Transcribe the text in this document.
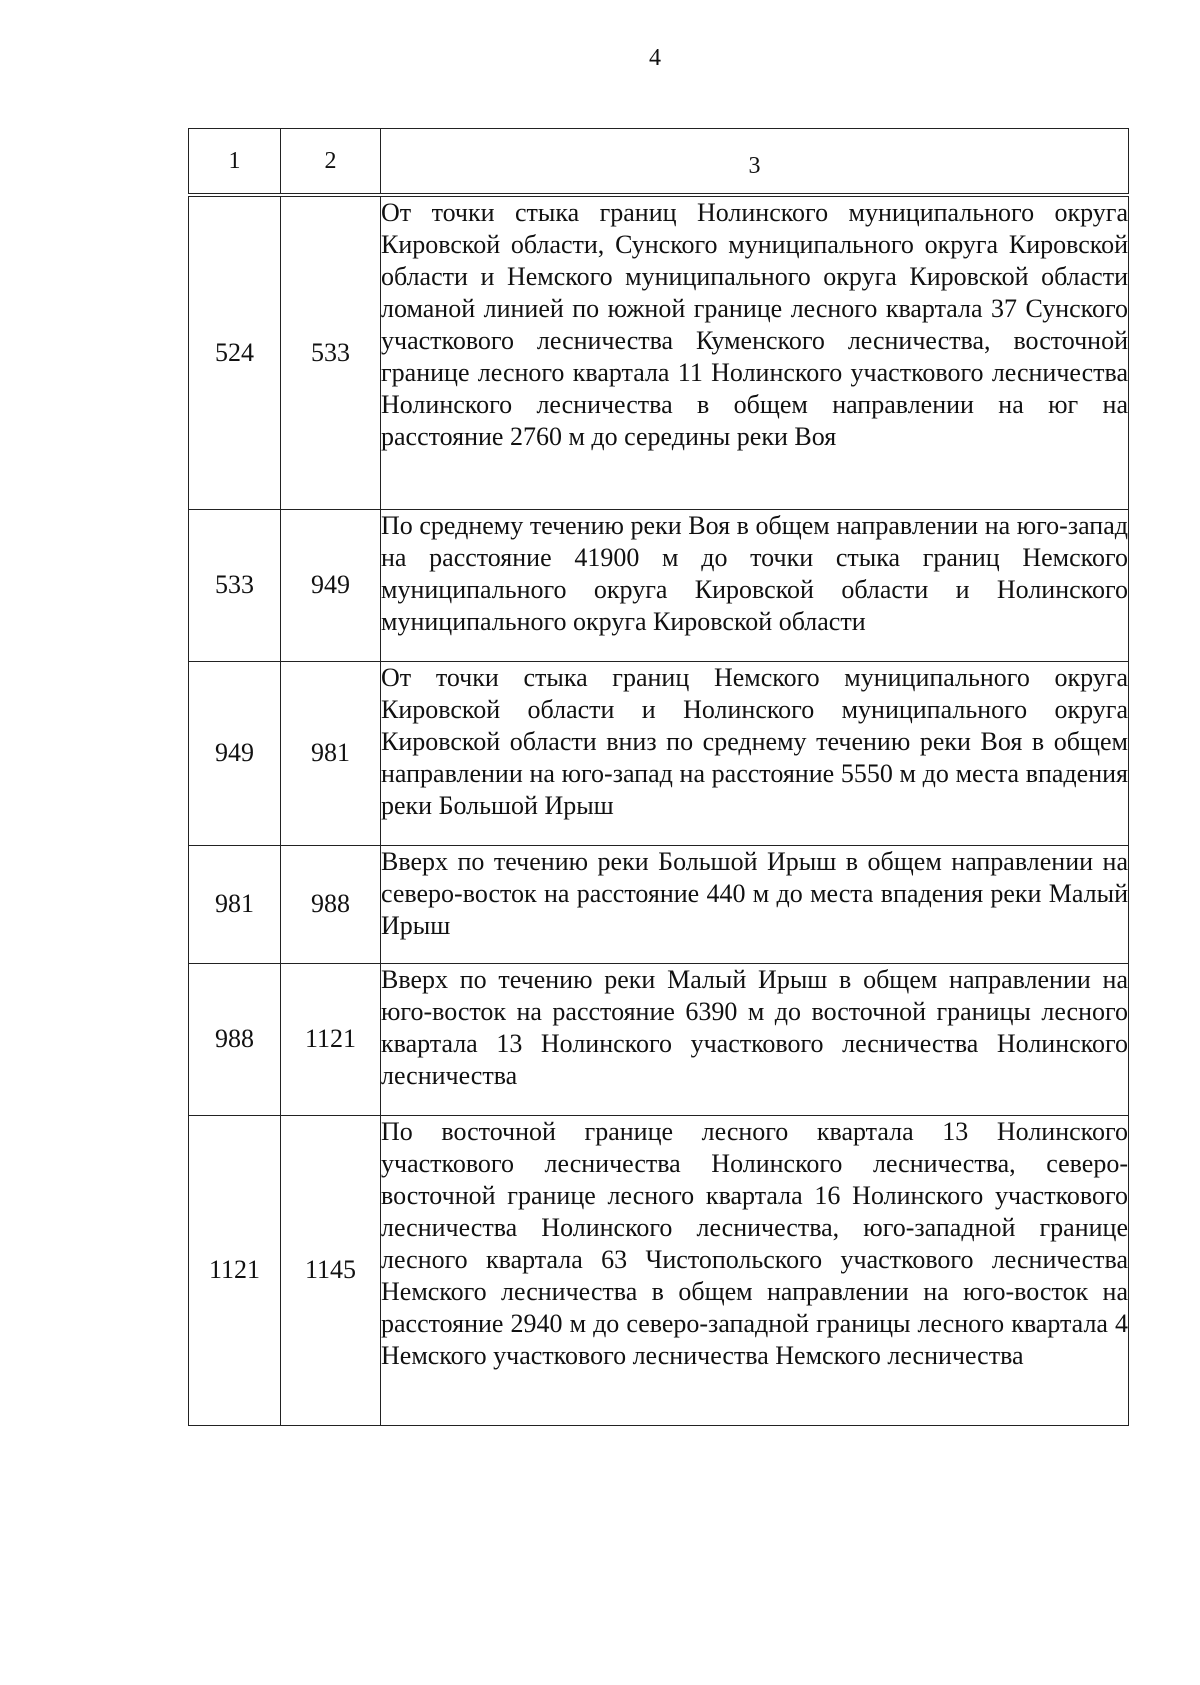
4
1	2	3
524	533	От точки стыка границ Нолинского муниципального округа Кировской области, Сунского муниципального округа Кировской области и Немского муниципального округа Кировской области ломаной линией по южной границе лесного квартала 37 Сунского участкового лесничества Куменского лесничества, восточной границе лесного квартала 11 Нолинского участкового лесничества Нолинского лесничества в общем направлении на юг на расстояние 2760 м до середины реки Воя
533	949	По среднему течению реки Воя в общем направлении на юго-запад на расстояние 41900 м до точки стыка границ Немского муниципального округа Кировской области и Нолинского муниципального округа Кировской области
949	981	От точки стыка границ Немского муниципального округа Кировской области и Нолинского муниципального округа Кировской области вниз по среднему течению реки Воя в общем направлении на юго-запад на расстояние 5550 м до места впадения реки Большой Ирыш
981	988	Вверх по течению реки Большой Ирыш в общем направлении на северо-восток на расстояние 440 м до места впадения реки Малый Ирыш
988	1121	Вверх по течению реки Малый Ирыш в общем направлении на юго-восток на расстояние 6390 м до восточной границы лесного квартала 13 Нолинского участкового лесничества Нолинского лесничества
1121	1145	По восточной границе лесного квартала 13 Нолинского участкового лесничества Нолинского лесничества, северо-восточной границе лесного квартала 16 Нолинского участкового лесничества Нолинского лесничества, юго-западной границе лесного квартала 63 Чистопольского участкового лесничества Немского лесничества в общем направлении на юго-восток на расстояние 2940 м до северо-западной границы лесного квартала 4 Немского участкового лесничества Немского лесничества
